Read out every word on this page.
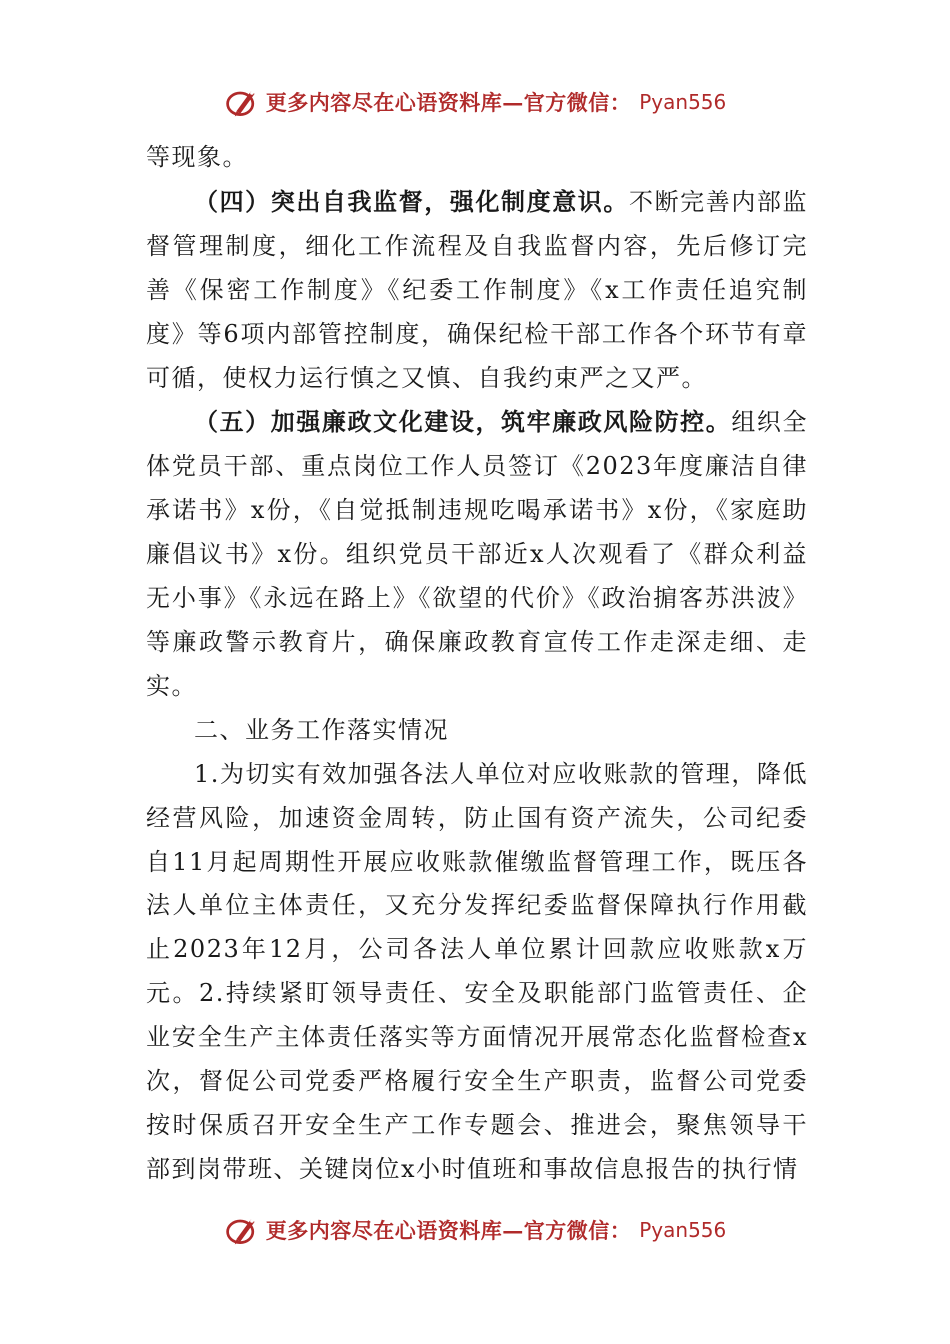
更多内容尽在心语资料库—官方微信： Pyan556

等现象。

（四）突出自我监督，强化制度意识。不断完善内部监督管理制度，细化工作流程及自我监督内容，先后修订完善《保密工作制度》《纪委工作制度》《x工作责任追究制度》等6项内部管控制度，确保纪检干部工作各个环节有章可循，使权力运行慎之又慎、自我约束严之又严。

（五）加强廉政文化建设，筑牢廉政风险防控。组织全体党员干部、重点岗位工作人员签订《2023年度廉洁自律承诺书》x份，《自觉抵制违规吃喝承诺书》x份，《家庭助廉倡议书》x份。组织党员干部近x人次观看了《群众利益无小事》《永远在路上》《欲望的代价》《政治掮客苏洪波》等廉政警示教育片，确保廉政教育宣传工作走深走细、走实。

二、业务工作落实情况

1.为切实有效加强各法人单位对应收账款的管理，降低经营风险，加速资金周转，防止国有资产流失，公司纪委自11月起周期性开展应收账款催缴监督管理工作，既压各法人单位主体责任，又充分发挥纪委监督保障执行作用截止2023年12月，公司各法人单位累计回款应收账款x万元。2.持续紧盯领导责任、安全及职能部门监管责任、企业安全生产主体责任落实等方面情况开展常态化监督检查x次，督促公司党委严格履行安全生产职责，监督公司党委按时保质召开安全生产工作专题会、推进会，聚焦领导干部到岗带班、关键岗位x小时值班和事故信息报告的执行情

更多内容尽在心语资料库—官方微信： Pyan556
